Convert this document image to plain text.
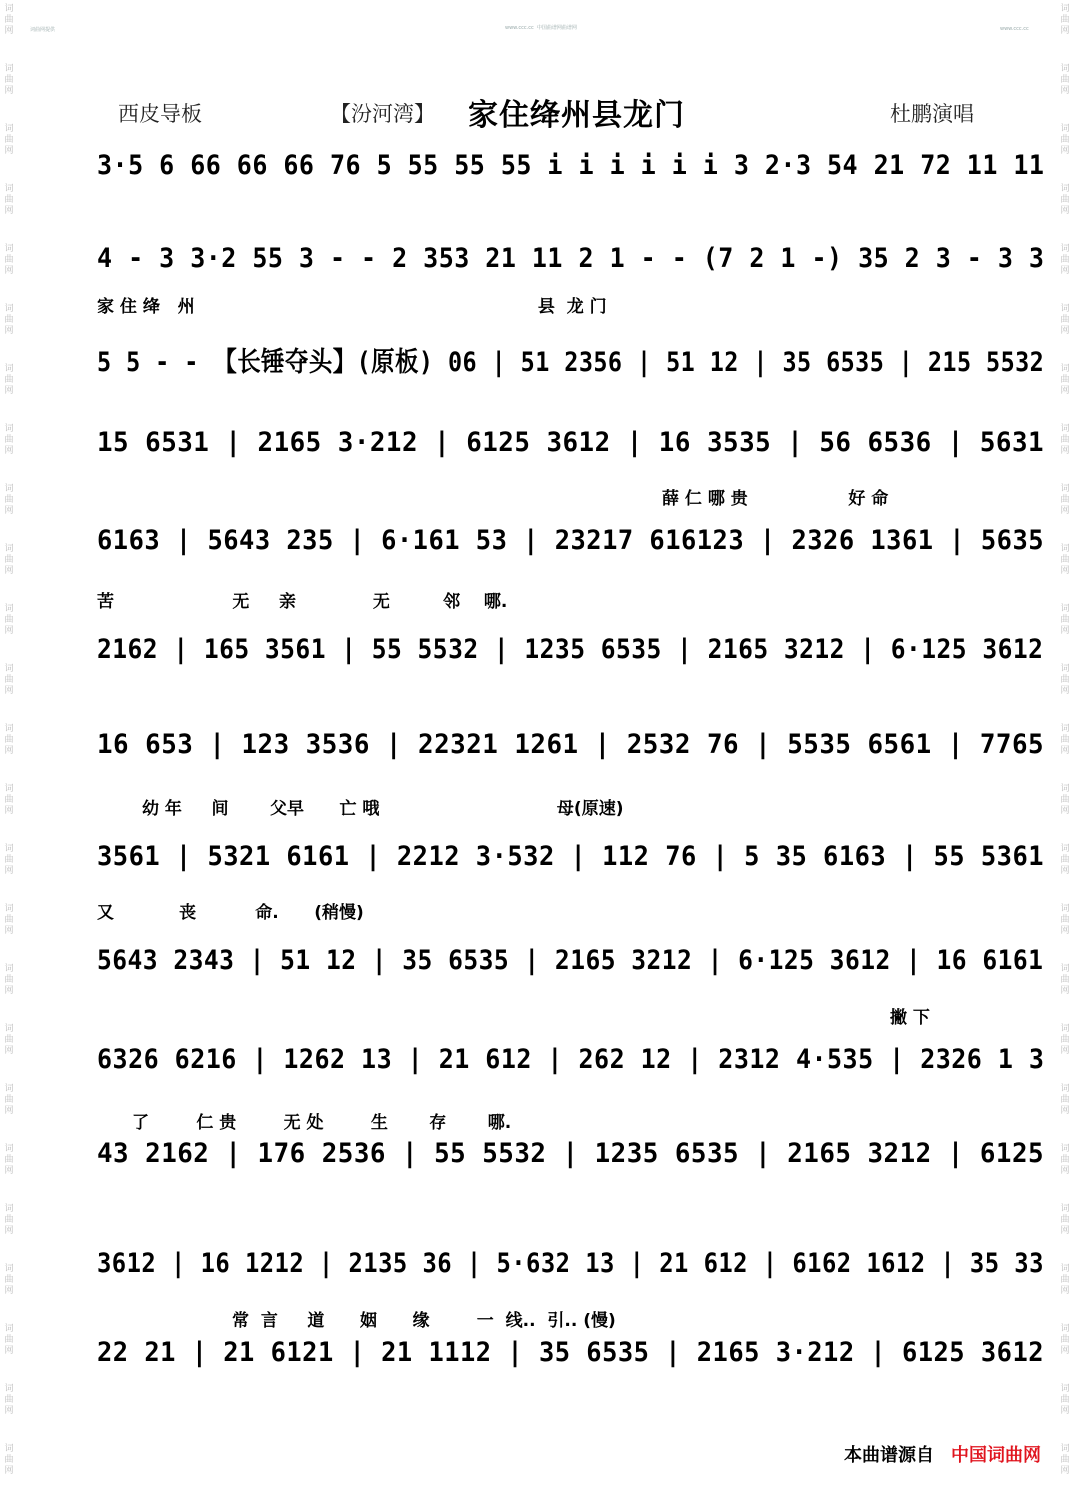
词
曲
网
词
曲
网
词
曲
网
词
曲
网
词
曲
网
词
曲
网
词
曲
网
词
曲
网
词
曲
网
词
曲
网
词
曲
网
词
曲
网
词
曲
网
词
曲
网
词
曲
网
词
曲
网
词
曲
网
词
曲
网
词
曲
网
词
曲
网
词
曲
网
词
曲
网
词
曲
网
词
曲
网
词
曲
网
词
曲
网
词
曲
网
词
曲
网
词
曲
网
词
曲
网
词
曲
网
词
曲
网
词
曲
网
词
曲
网
词
曲
网
词
曲
网
词
曲
网
词
曲
网
词
曲
网
词
曲
网
词
曲
网
词
曲
网
词
曲
网
词
曲
网
词
曲
网
词
曲
网
词
曲
网
词
曲
网
词
曲
网
词
曲
网
词曲网提供	www.ccc.cc  中国曲谱网曲谱网	www.ccc.cc
西皮导板	【汾河湾】 家住绛州县龙门	杜鹏演唱
3·5 6 66 66 66 76 5 55 55 55 i i i i i i 3 2·3 54 21 72 11 11
4 - 3 3·2 55 3 - - 2 353 21 11 2 1 - - (7 2 1 -) 35 2 3 - 3 3
家 住 绛   州                                                          县  龙 门
5 5 - - 【长锤夺头】(原板) 06 | 51 2356 | 51 12 | 35 6535 | 215 5532
15 6531 | 2165 3·212 | 6125 3612 | 16 3535 | 56 6536 | 5631
薛 仁 哪 贵                 好 命
6163 | 5643 235 | 6·161 53 | 23217 616123 | 2326 1361 | 5635
苦                    无     亲             无         邻    哪.
2162 | 165 3561 | 55 5532 | 1235 6535 | 2165 3212 | 6·125 3612
16 653 | 123 3536 | 22321 1261 | 2532 76 | 5535 6561 | 7765
幼 年     间       父早      亡 哦                              母(原速)
3561 | 5321 6161 | 2212 3·532 | 112 76 | 5 35 6163 | 55 5361
又           丧          命.      (稍慢)
5643 2343 | 51 12 | 35 6535 | 2165 3212 | 6·125 3612 | 16 6161
撇 下
6326 6216 | 1262 13 | 21 612 | 262 12 | 2312 4·535 | 2326 1 3
了        仁 贵        无 处        生       存       哪.
43 2162 | 176 2536 | 55 5532 | 1235 6535 | 2165 3212 | 6125
3612 | 16 1212 | 2135 36 | 5·632 13 | 21 612 | 6162 1612 | 35 33
常  言     道      姻      缘        一  线..  引.. (慢)
22 21 | 21 6121 | 21 1112 | 35 6535 | 2165 3·212 | 6125 3612
本曲谱源自 中国词曲网
